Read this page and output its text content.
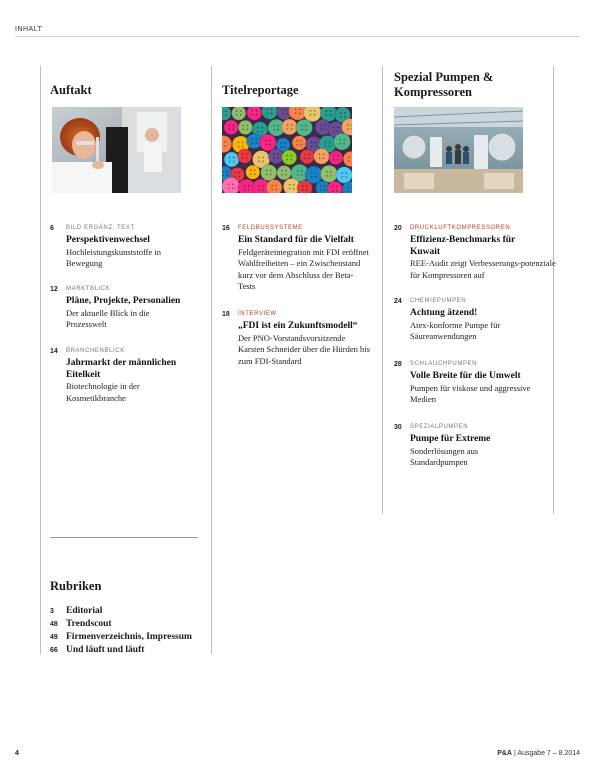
INHALT
Auftakt
6 BILD ERGÄNZ. TEXT
Perspektivenwechsel
Hochleistungskunststoffe in Bewegung
12 MARKTBLICK
Pläne, Projekte, Personalien
Der aktuelle Blick in die Prozesswelt
14 BRANCHENBLICK
Jahrmarkt der männlichen Eitelkeit
Biotechnologie in der Kosmetikbranche
Titelreportage
16 FELDBUSSYSTEME
Ein Standard für die Vielfalt
Feldgeräteintegration mit FDI eröffnet Wahlfreiheiten – ein Zwischenstand kurz vor dem Abschluss der Beta-Tests
18 INTERVIEW
„FDI ist ein Zukunftsmodell“
Der PNO-Vorstandsvorsitzende Karsten Schneider über die Hürden bis zum FDI-Standard
Spezial Pumpen & Kompressoren
20 DRUCKLUFTKOMPRESSOREN
Effizienz-Benchmarks für Kuwait
REE-Audit zeigt Verbesserungs-potenziale für Kompressoren auf
24 CHEMIEPUMPEN
Achtung ätzend!
Atex-konforme Pumpe für Säureanwendungen
28 SCHLAUCHPUMPEN
Volle Breite für die Umwelt
Pumpen für viskose und aggressive Medien
30 SPEZIALPUMPEN
Pumpe für Extreme
Sonderlösungen aus Standardpumpen
Rubriken
3 Editorial
48 Trendscout
49 Firmenverzeichnis, Impressum
66 Und läuft und läuft
4	P&A | Ausgabe 7 – 8.2014
